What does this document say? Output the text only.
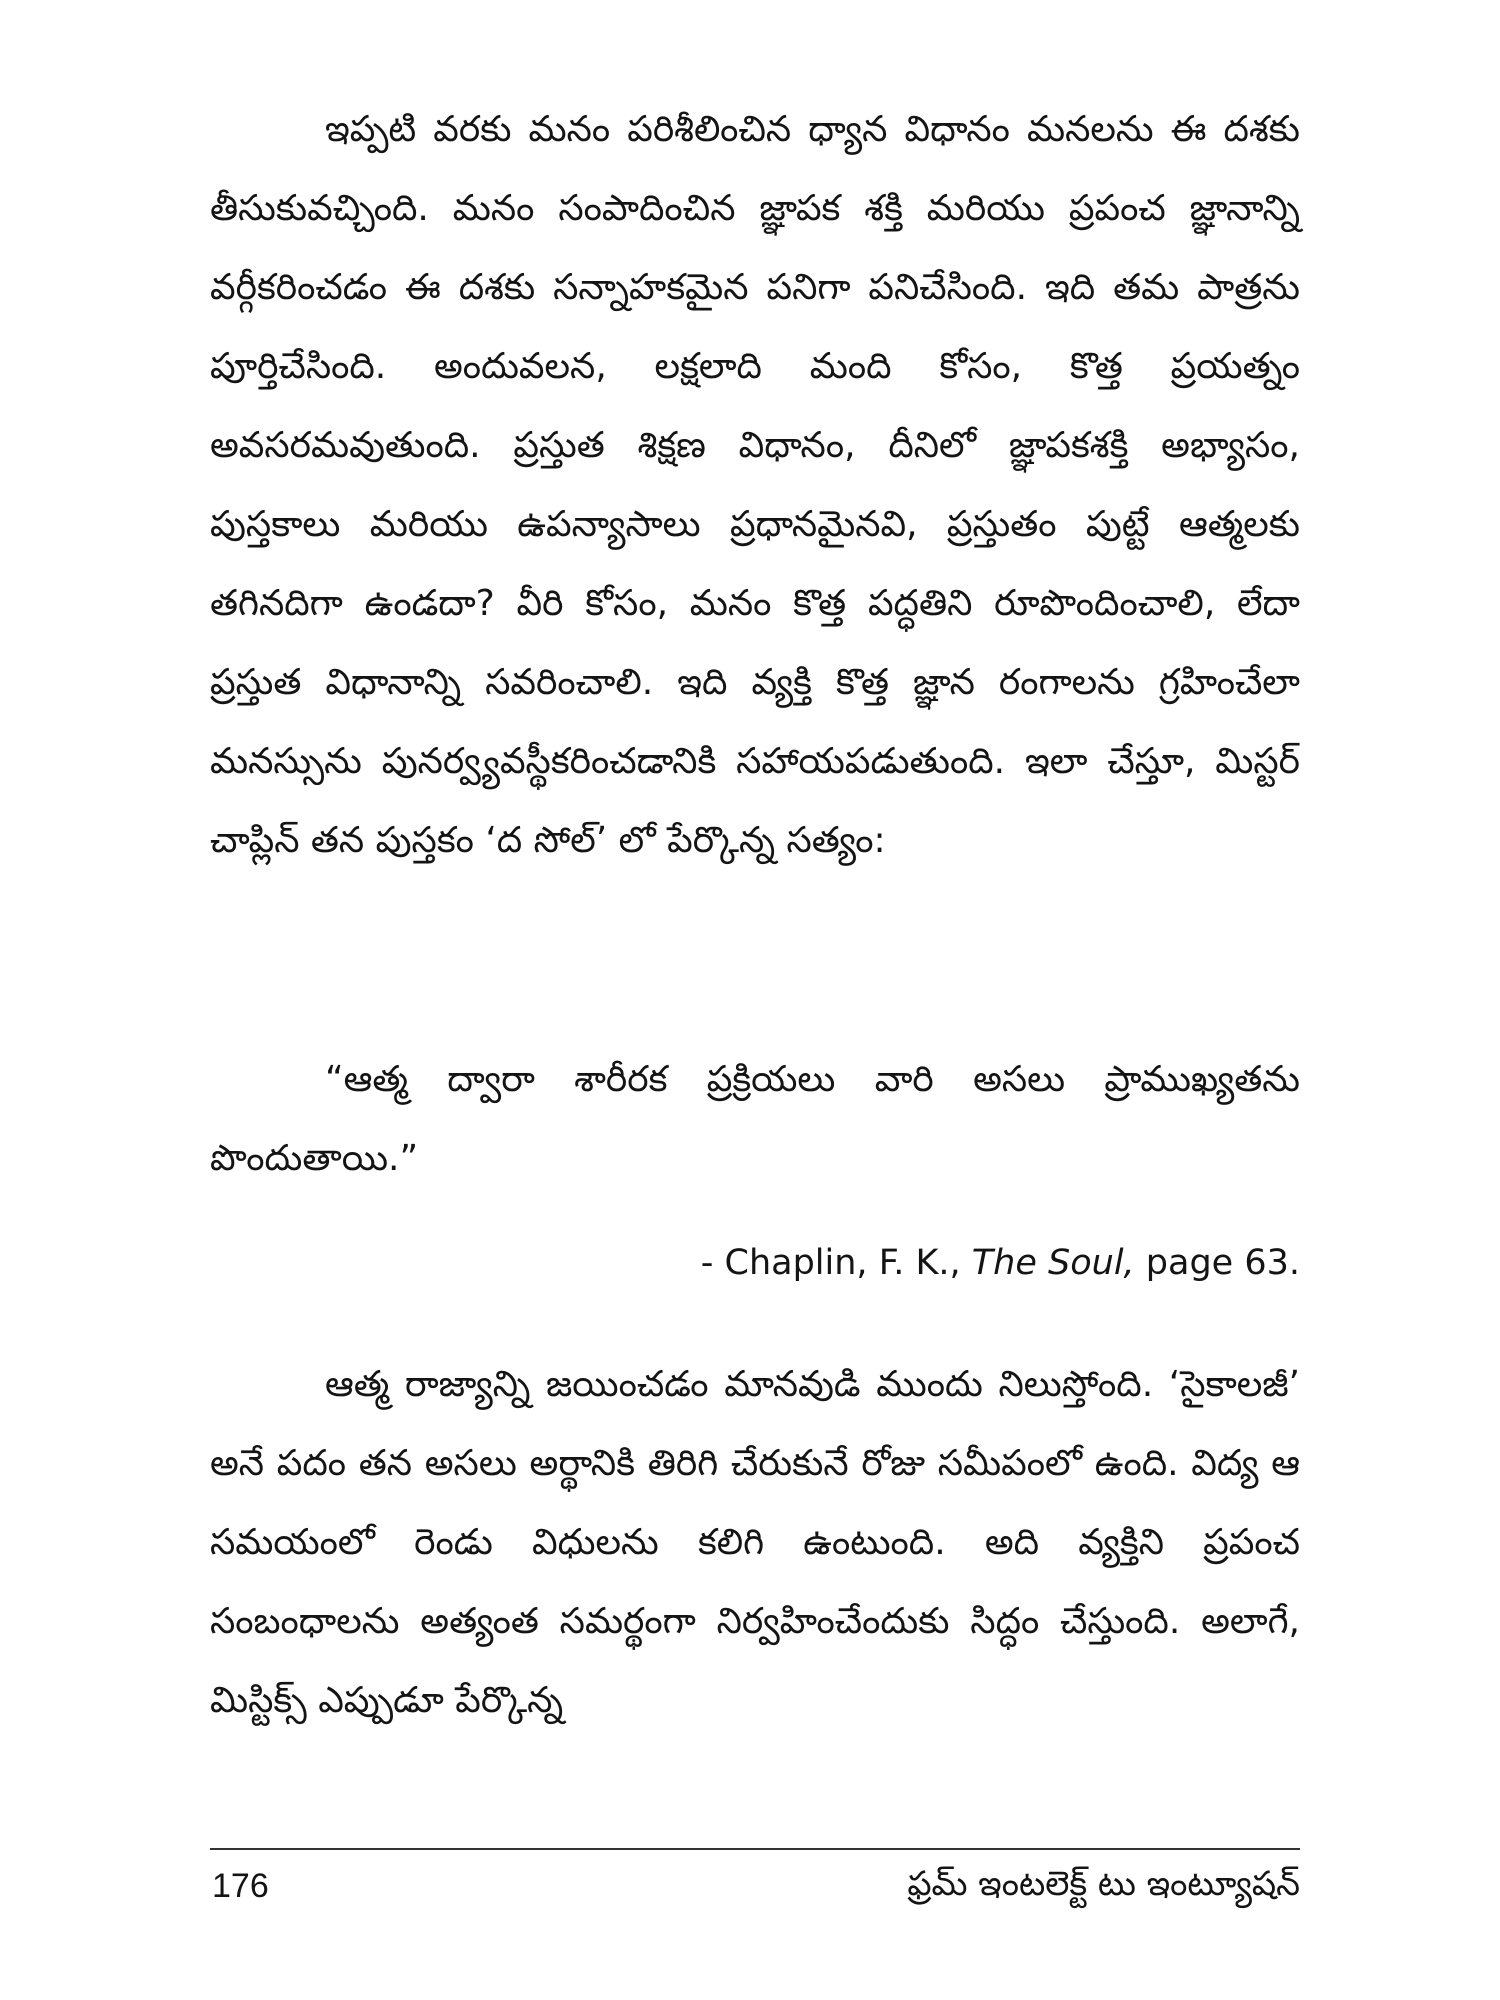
ఇప్పటి వరకు మనం పరిశీలించిన ధ్యాన విధానం మనలను ఈ దశకు తీసుకువచ్చింది. మనం సంపాదించిన జ్ఞాపక శక్తి మరియు ప్రపంచ జ్ఞానాన్ని వర్గీకరించడం ఈ దశకు సన్నాహకమైన పనిగా పనిచేసింది. ఇది తమ పాత్రను పూర్తిచేసింది. అందువలన, లక్షలాది మంది కోసం, కొత్త ప్రయత్నం అవసరమవుతుంది. ప్రస్తుత శిక్షణ విధానం, దీనిలో జ్ఞాపకశక్తి అభ్యాసం, పుస్తకాలు మరియు ఉపన్యాసాలు ప్రధానమైనవి, ప్రస్తుతం పుట్టే ఆత్మలకు తగినదిగా ఉండదా? వీరి కోసం, మనం కొత్త పద్ధతిని రూపొందించాలి, లేదా ప్రస్తుత విధానాన్ని సవరించాలి. ఇది వ్యక్తి కొత్త జ్ఞాన రంగాలను గ్రహించేలా మనస్సును పునర్వ్యవస్థీకరించడానికి సహాయపడుతుంది. ఇలా చేస్తూ, మిస్టర్ చాప్లిన్ తన పుస్తకం ‘ద సోల్’ లో పేర్కొన్న సత్యం:

“ఆత్మ ద్వారా శారీరక ప్రక్రియలు వారి అసలు ప్రాముఖ్యతను పొందుతాయి.”

- Chaplin, F. K., The Soul, page 63.

ఆత్మ రాజ్యాన్ని జయించడం మానవుడి ముందు నిలుస్తోంది. ‘సైకాలజీ’ అనే పదం తన అసలు అర్థానికి తిరిగి చేరుకునే రోజు సమీపంలో ఉంది. విద్య ఆ సమయంలో రెండు విధులను కలిగి ఉంటుంది. అది వ్యక్తిని ప్రపంచ సంబంధాలను అత్యంత సమర్థంగా నిర్వహించేందుకు సిద్ధం చేస్తుంది. అలాగే, మిస్టిక్స్ ఎప్పుడూ పేర్కొన్న

176	ఫ్రమ్ ఇంటలెక్ట్ టు ఇంట్యూషన్
